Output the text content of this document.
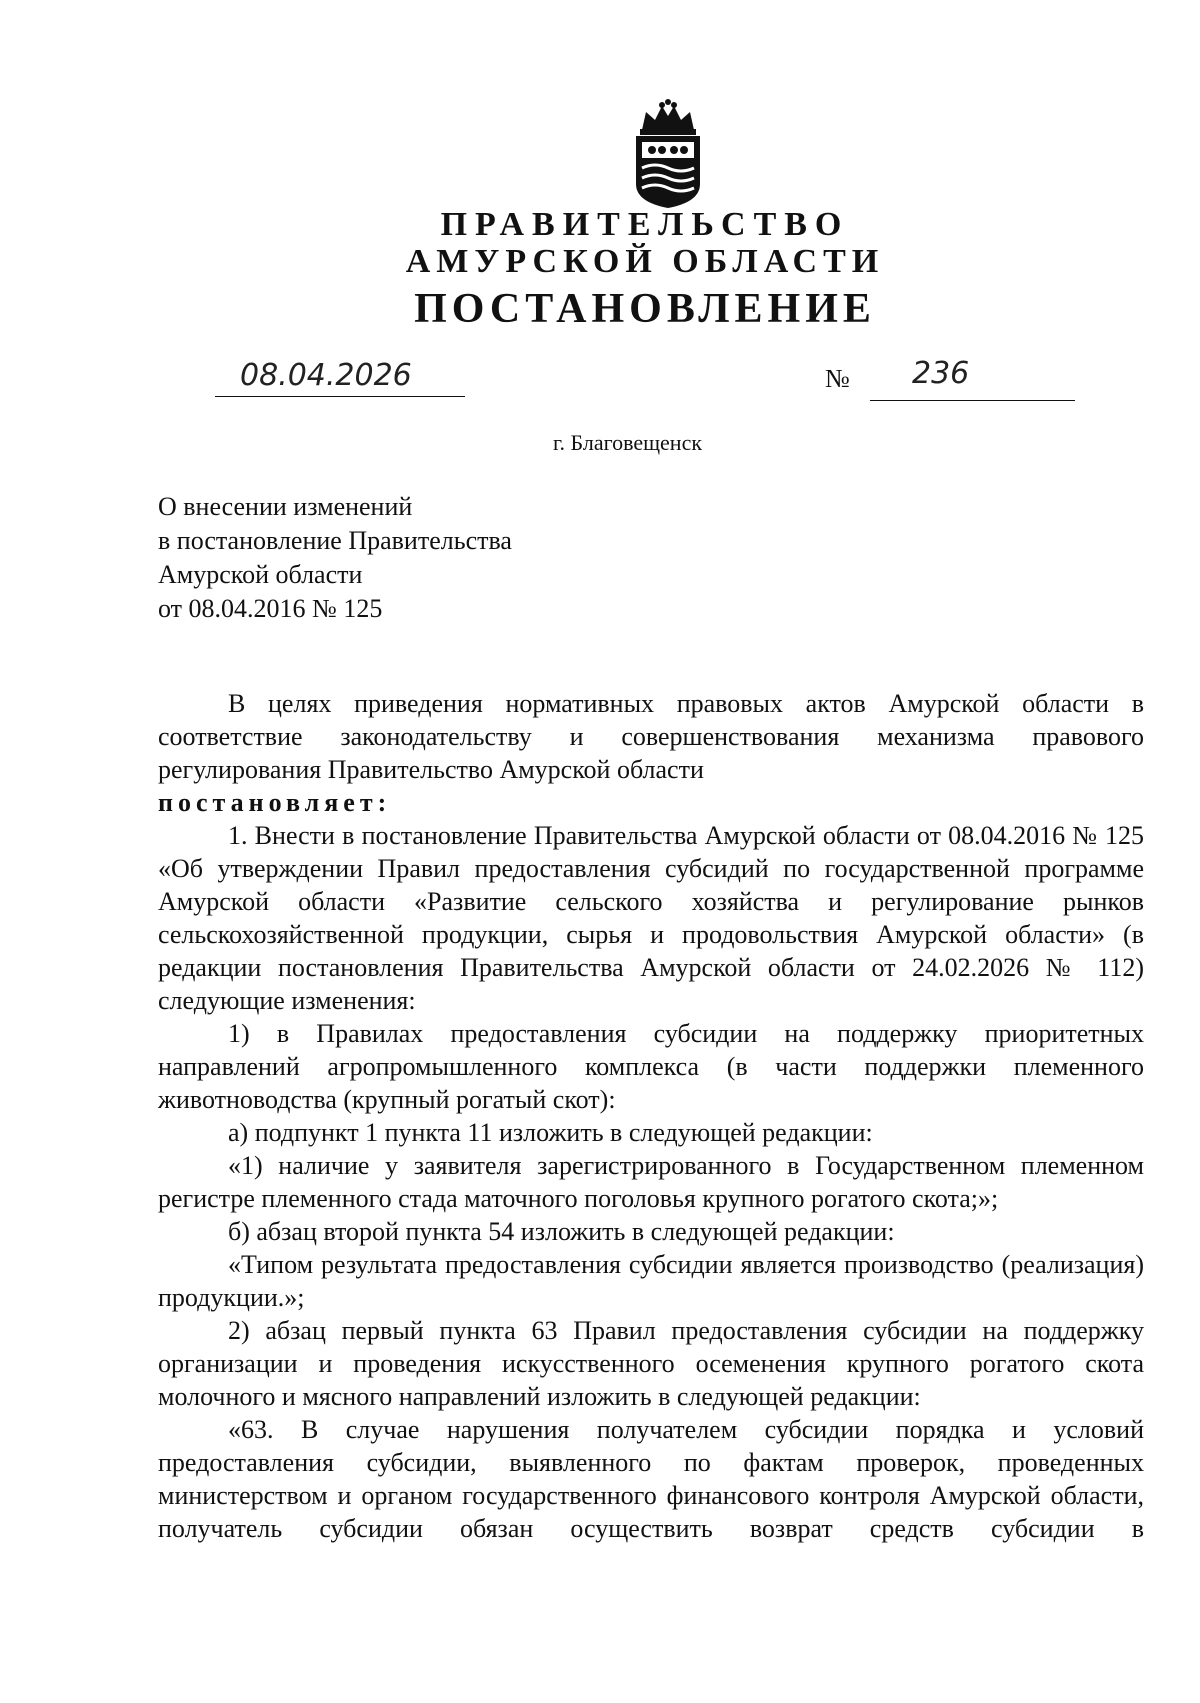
ПРАВИТЕЛЬСТВО
АМУРСКОЙ ОБЛАСТИ
ПОСТАНОВЛЕНИЕ
08.04.2026	№ 236
г. Благовещенск
О внесении изменений
в постановление Правительства
Амурской области
от 08.04.2016 № 125

В целях приведения нормативных правовых актов Амурской области в соответствие законодательству и совершенствования механизма правового регулирования Правительство Амурской области

постановляет:

1. Внести в постановление Правительства Амурской области от 08.04.2016 № 125 «Об утверждении Правил предоставления субсидий по государственной программе Амурской области «Развитие сельского хозяйства и регулирование рынков сельскохозяйственной продукции, сырья и продовольствия Амурской области» (в редакции постановления Правительства Амурской области от 24.02.2026 № 112) следующие изменения:

1) в Правилах предоставления субсидии на поддержку приоритетных направлений агропромышленного комплекса (в части поддержки племенного животноводства (крупный рогатый скот):

а) подпункт 1 пункта 11 изложить в следующей редакции:

«1) наличие у заявителя зарегистрированного в Государственном племенном регистре племенного стада маточного поголовья крупного рогатого скота;»;

б) абзац второй пункта 54 изложить в следующей редакции:

«Типом результата предоставления субсидии является производство (реализация) продукции.»;

2) абзац первый пункта 63 Правил предоставления субсидии на поддержку организации и проведения искусственного осеменения крупного рогатого скота молочного и мясного направлений изложить в следующей редакции:

«63. В случае нарушения получателем субсидии порядка и условий предоставления субсидии, выявленного по фактам проверок, проведенных министерством и органом государственного финансового контроля Амурской области, получатель субсидии обязан осуществить возврат средств субсидии в
